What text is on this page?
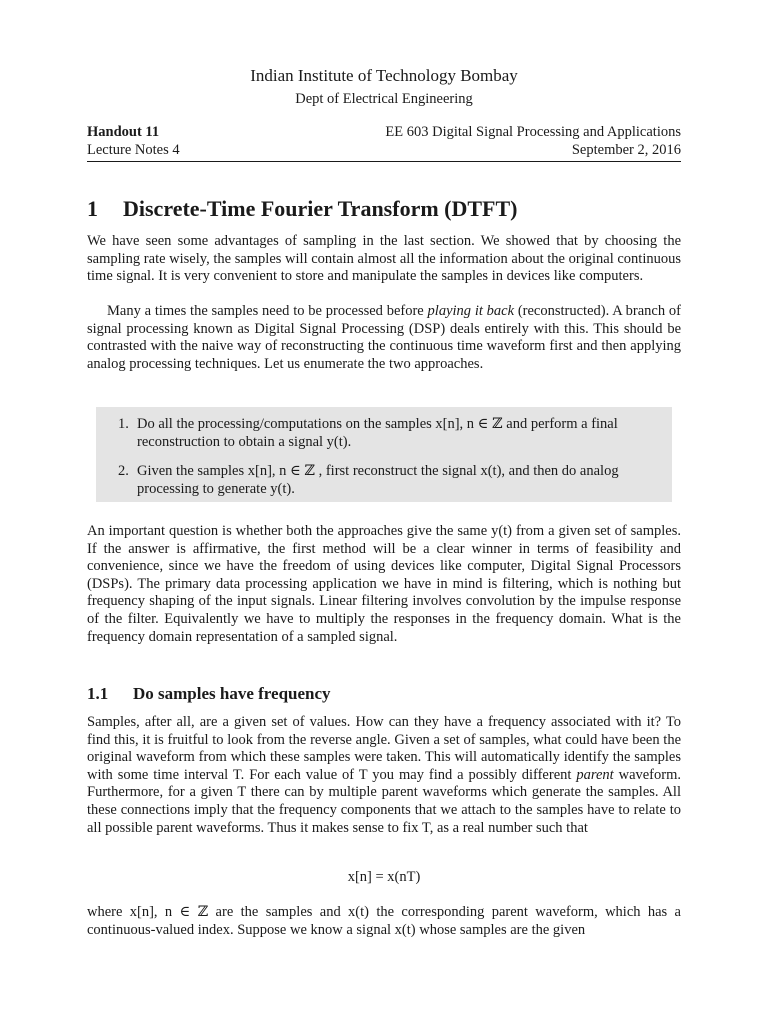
Indian Institute of Technology Bombay
Dept of Electrical Engineering
Handout 11	EE 603 Digital Signal Processing and Applications
Lecture Notes 4	September 2, 2016
1 Discrete-Time Fourier Transform (DTFT)

We have seen some advantages of sampling in the last section. We showed that by choosing the sampling rate wisely, the samples will contain almost all the information about the original continuous time signal. It is very convenient to store and manipulate the samples in devices like computers.

Many a times the samples need to be processed before playing it back (reconstructed). A branch of signal processing known as Digital Signal Processing (DSP) deals entirely with this. This should be contrasted with the naive way of reconstructing the continuous time waveform first and then applying analog processing techniques. Let us enumerate the two approaches.

1. Do all the processing/computations on the samples x[n], n ∈ ℤ and perform a final reconstruction to obtain a signal y(t).
2. Given the samples x[n], n ∈ ℤ , first reconstruct the signal x(t), and then do analog processing to generate y(t).

An important question is whether both the approaches give the same y(t) from a given set of samples. If the answer is affirmative, the first method will be a clear winner in terms of feasibility and convenience, since we have the freedom of using devices like computer, Digital Signal Processors (DSPs). The primary data processing application we have in mind is filtering, which is nothing but frequency shaping of the input signals. Linear filtering involves convolution by the impulse response of the filter. Equivalently we have to multiply the responses in the frequency domain. What is the frequency domain representation of a sampled signal.

1.1 Do samples have frequency

Samples, after all, are a given set of values. How can they have a frequency associated with it? To find this, it is fruitful to look from the reverse angle. Given a set of samples, what could have been the original waveform from which these samples were taken. This will automatically identify the samples with some time interval T. For each value of T you may find a possibly different parent waveform. Furthermore, for a given T there can by multiple parent waveforms which generate the samples. All these connections imply that the frequency components that we attach to the samples have to relate to all possible parent waveforms. Thus it makes sense to fix T, as a real number such that

x[n] = x(nT)

where x[n], n ∈ ℤ are the samples and x(t) the corresponding parent waveform, which has a continuous-valued index. Suppose we know a signal x(t) whose samples are the given
